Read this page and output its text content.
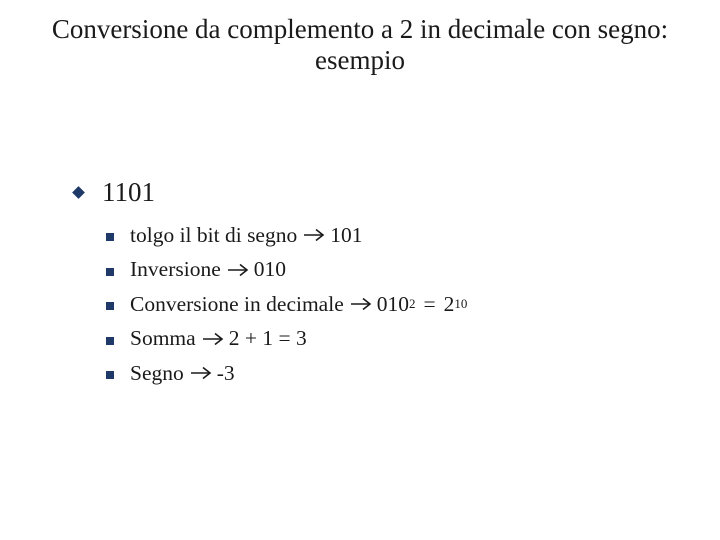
Conversione da complemento a 2 in decimale con segno:
esempio
1101
tolgo il bit di segno 101
Inversione 010
Conversione in decimale 010 2 = 2 10
Somma 2 + 1 = 3
Segno -3
